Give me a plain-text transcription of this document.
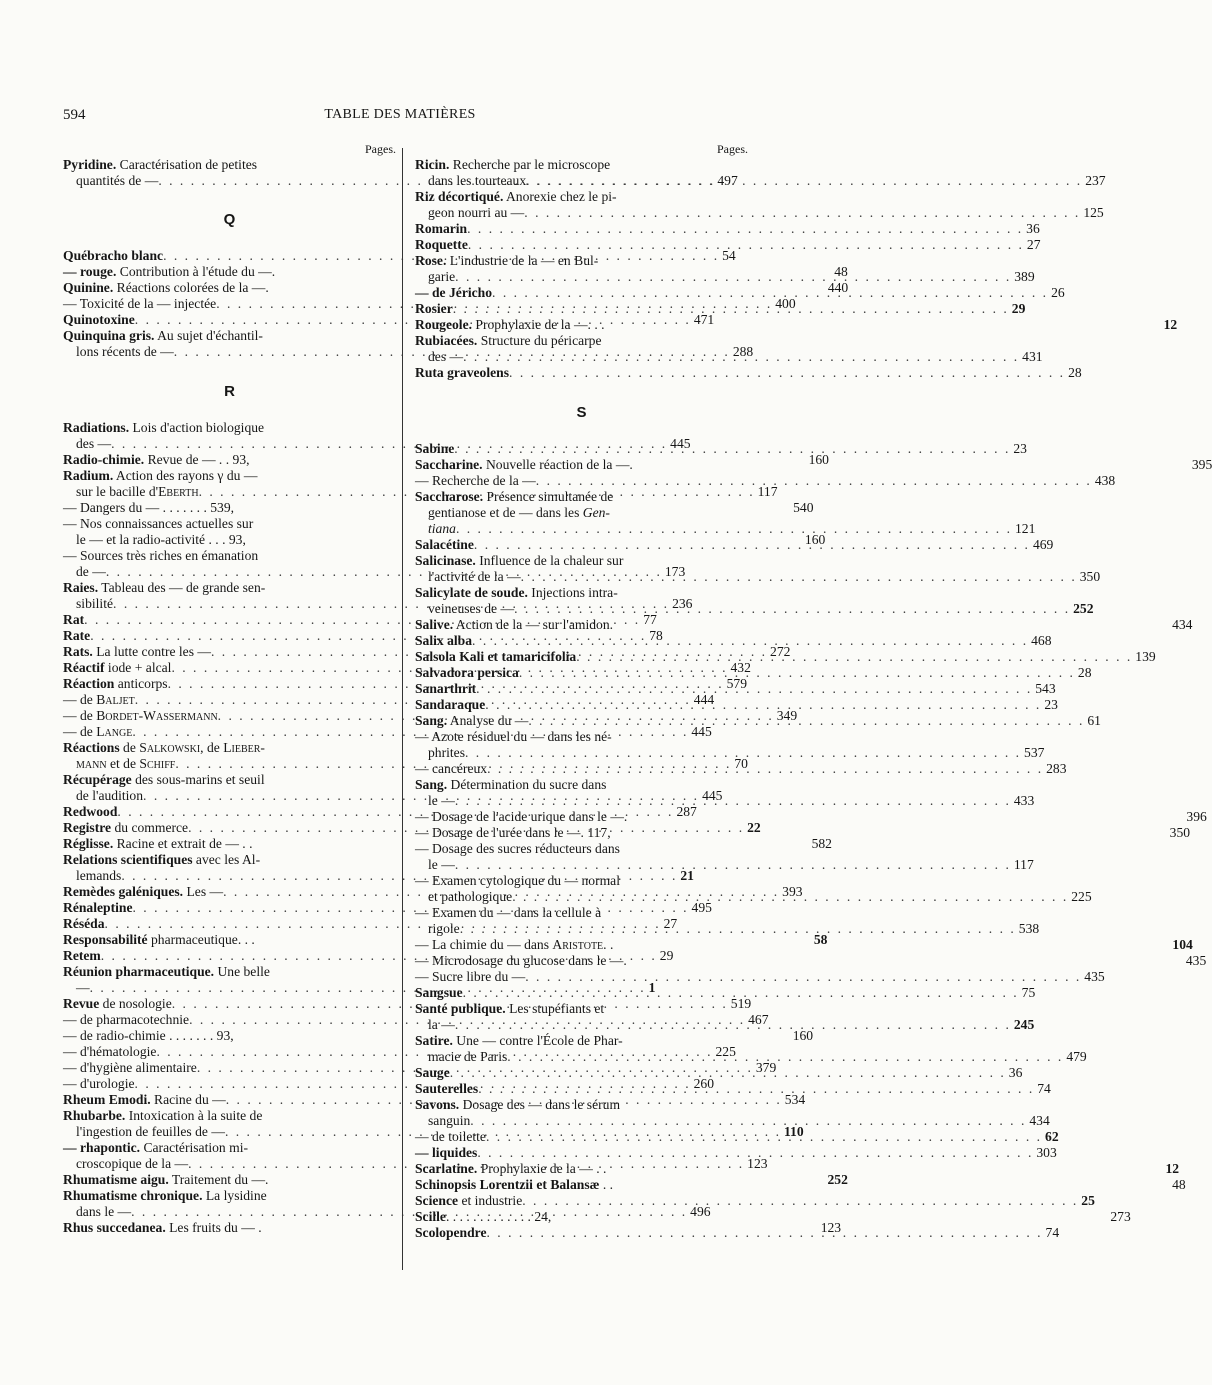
594	TABLE DES MATIÈRES
Pages.
Pyridine. Caractérisation de petites
quantités de — . . .	497
Q
Québracho blanc . . .	54
— rouge. Contribution à l'étude du —.	48
Quinine. Réactions colorées de la —.	440
— Toxicité de la — injectée . . .	400
Quinotoxine . . .	471
Quinquina gris. Au sujet d'échantil-
lons récents de — . . .	288
R
Radiations. Lois d'action biologique
des — . . .	445
Radio-chimie. Revue de — . . 93,	160
Radium. Action des rayons γ du —
sur le bacille d'Eberth . . .	117
— Dangers du — . . . . . . . 539,	540
— Nos connaissances actuelles sur
le — et la radio-activité . . . 93,	160
— Sources très riches en émanation
de — . . .	173
Raies. Tableau des — de grande sen-
sibilité . . .	236
Rat . . .	77
Rate . . .	78
Rats. La lutte contre les — . . .	272
Réactif iode + alcal . . .	432
Réaction anticorps . . .	579
— de Baljet . . .	444
— de Bordet-Wassermann . . .	349
— de Lange . . .	445
Réactions de Salkowski, de Lieber-
mann et de Schiff . . .	70
Récupérage des sous-marins et seuil
de l'audition . . .	445
Redwood . . .	287
Registre du commerce . . .	22
Réglisse. Racine et extrait de — . .	582
Relations scientifiques avec les Al-
lemands . . .	21
Remèdes galéniques. Les — . . .	393
Rénaleptine . . .	495
Réséda . . .	27
Responsabilité pharmaceutique. . .	58
Retem . . .	29
Réunion pharmaceutique. Une belle
— . . .	1
Revue de nosologie . . .	519
— de pharmacotechnie . . .	467
— de radio-chimie . . . . . . . 93,	160
— d'hématologie . . .	225
— d'hygiène alimentaire . . .	379
— d'urologie . . .	260
Rheum Emodi. Racine du — . . .	534
Rhubarbe. Intoxication à la suite de
l'ingestion de feuilles de — . . .	110
— rhapontic. Caractérisation mi-
croscopique de la — . . .	123
Rhumatisme aigu. Traitement du —.	252
Rhumatisme chronique. La lysidine
dans le — . . .	496
Rhus succedanea. Les fruits du — .	123
Pages.
Ricin. Recherche par le microscope
dans les tourteaux . . .	237
Riz décortiqué. Anorexie chez le pi-
geon nourri au — . . .	125
Romarin . . .	36
Roquette . . .	27
Rose. L'industrie de la — en Bul-
garie . . .	389
— de Jéricho . . .	26
Rosier . . .	29
Rougeole. Prophylaxie de la —. . .	12
Rubiacées. Structure du péricarpe
des — . . .	431
Ruta graveolens . . .	28
S
Sabine . . .	23
Saccharine. Nouvelle réaction de la —.	395
— Recherche de la — . . .	438
Saccharose. Présence simultanée de
gentianose et de — dans les Gen-
tiana . . .	121
Salacétine . . .	469
Salicinase. Influence de la chaleur sur
l'activité de la — . . .	350
Salicylate de soude. Injections intra-
veineuses de — . . .	252
Salive. Action de la — sur l'amidon.	434
Salix alba . . .	468
Salsola Kali et tamaricifolia . . .	139
Salvadora persica . . .	28
Sanarthrit . . .	543
Sandaraque . . .	23
Sang. Analyse du — . . .	61
— Azote résiduel du — dans les né-
phrites . . .	537
— cancéreux . . .	283
Sang. Détermination du sucre dans
le — . . .	433
— Dosage de l'acide urique dans le —.	396
— Dosage de l'urée dans le —. 117,	350
— Dosage des sucres réducteurs dans
le — . . .	117
— Examen cytologique du — normal
et pathologique . . .	225
— Examen du — dans la cellule à
rigole . . .	538
— La chimie du — dans Aristote. .	104
— Microdosage du glucose dans le —.	435
— Sucre libre du — . . .	435
Sangsue . . .	75
Santé publique. Les stupéfiants et
la — . . .	245
Satire. Une — contre l'École de Phar-
macie de Paris . . .	479
Sauge . . .	36
Sauterelles . . .	74
Savons. Dosage des — dans le sérum
sanguin . . .	434
— de toilette . . .	62
— liquides . . .	303
Scarlatine. Prophylaxie de la — . .	12
Schinopsis Lorentzii et Balansæ . .	48
Science et industrie . . .	25
Scille. . . . . . . . . . . . . 24,	273
Scolopendre . . .	74
